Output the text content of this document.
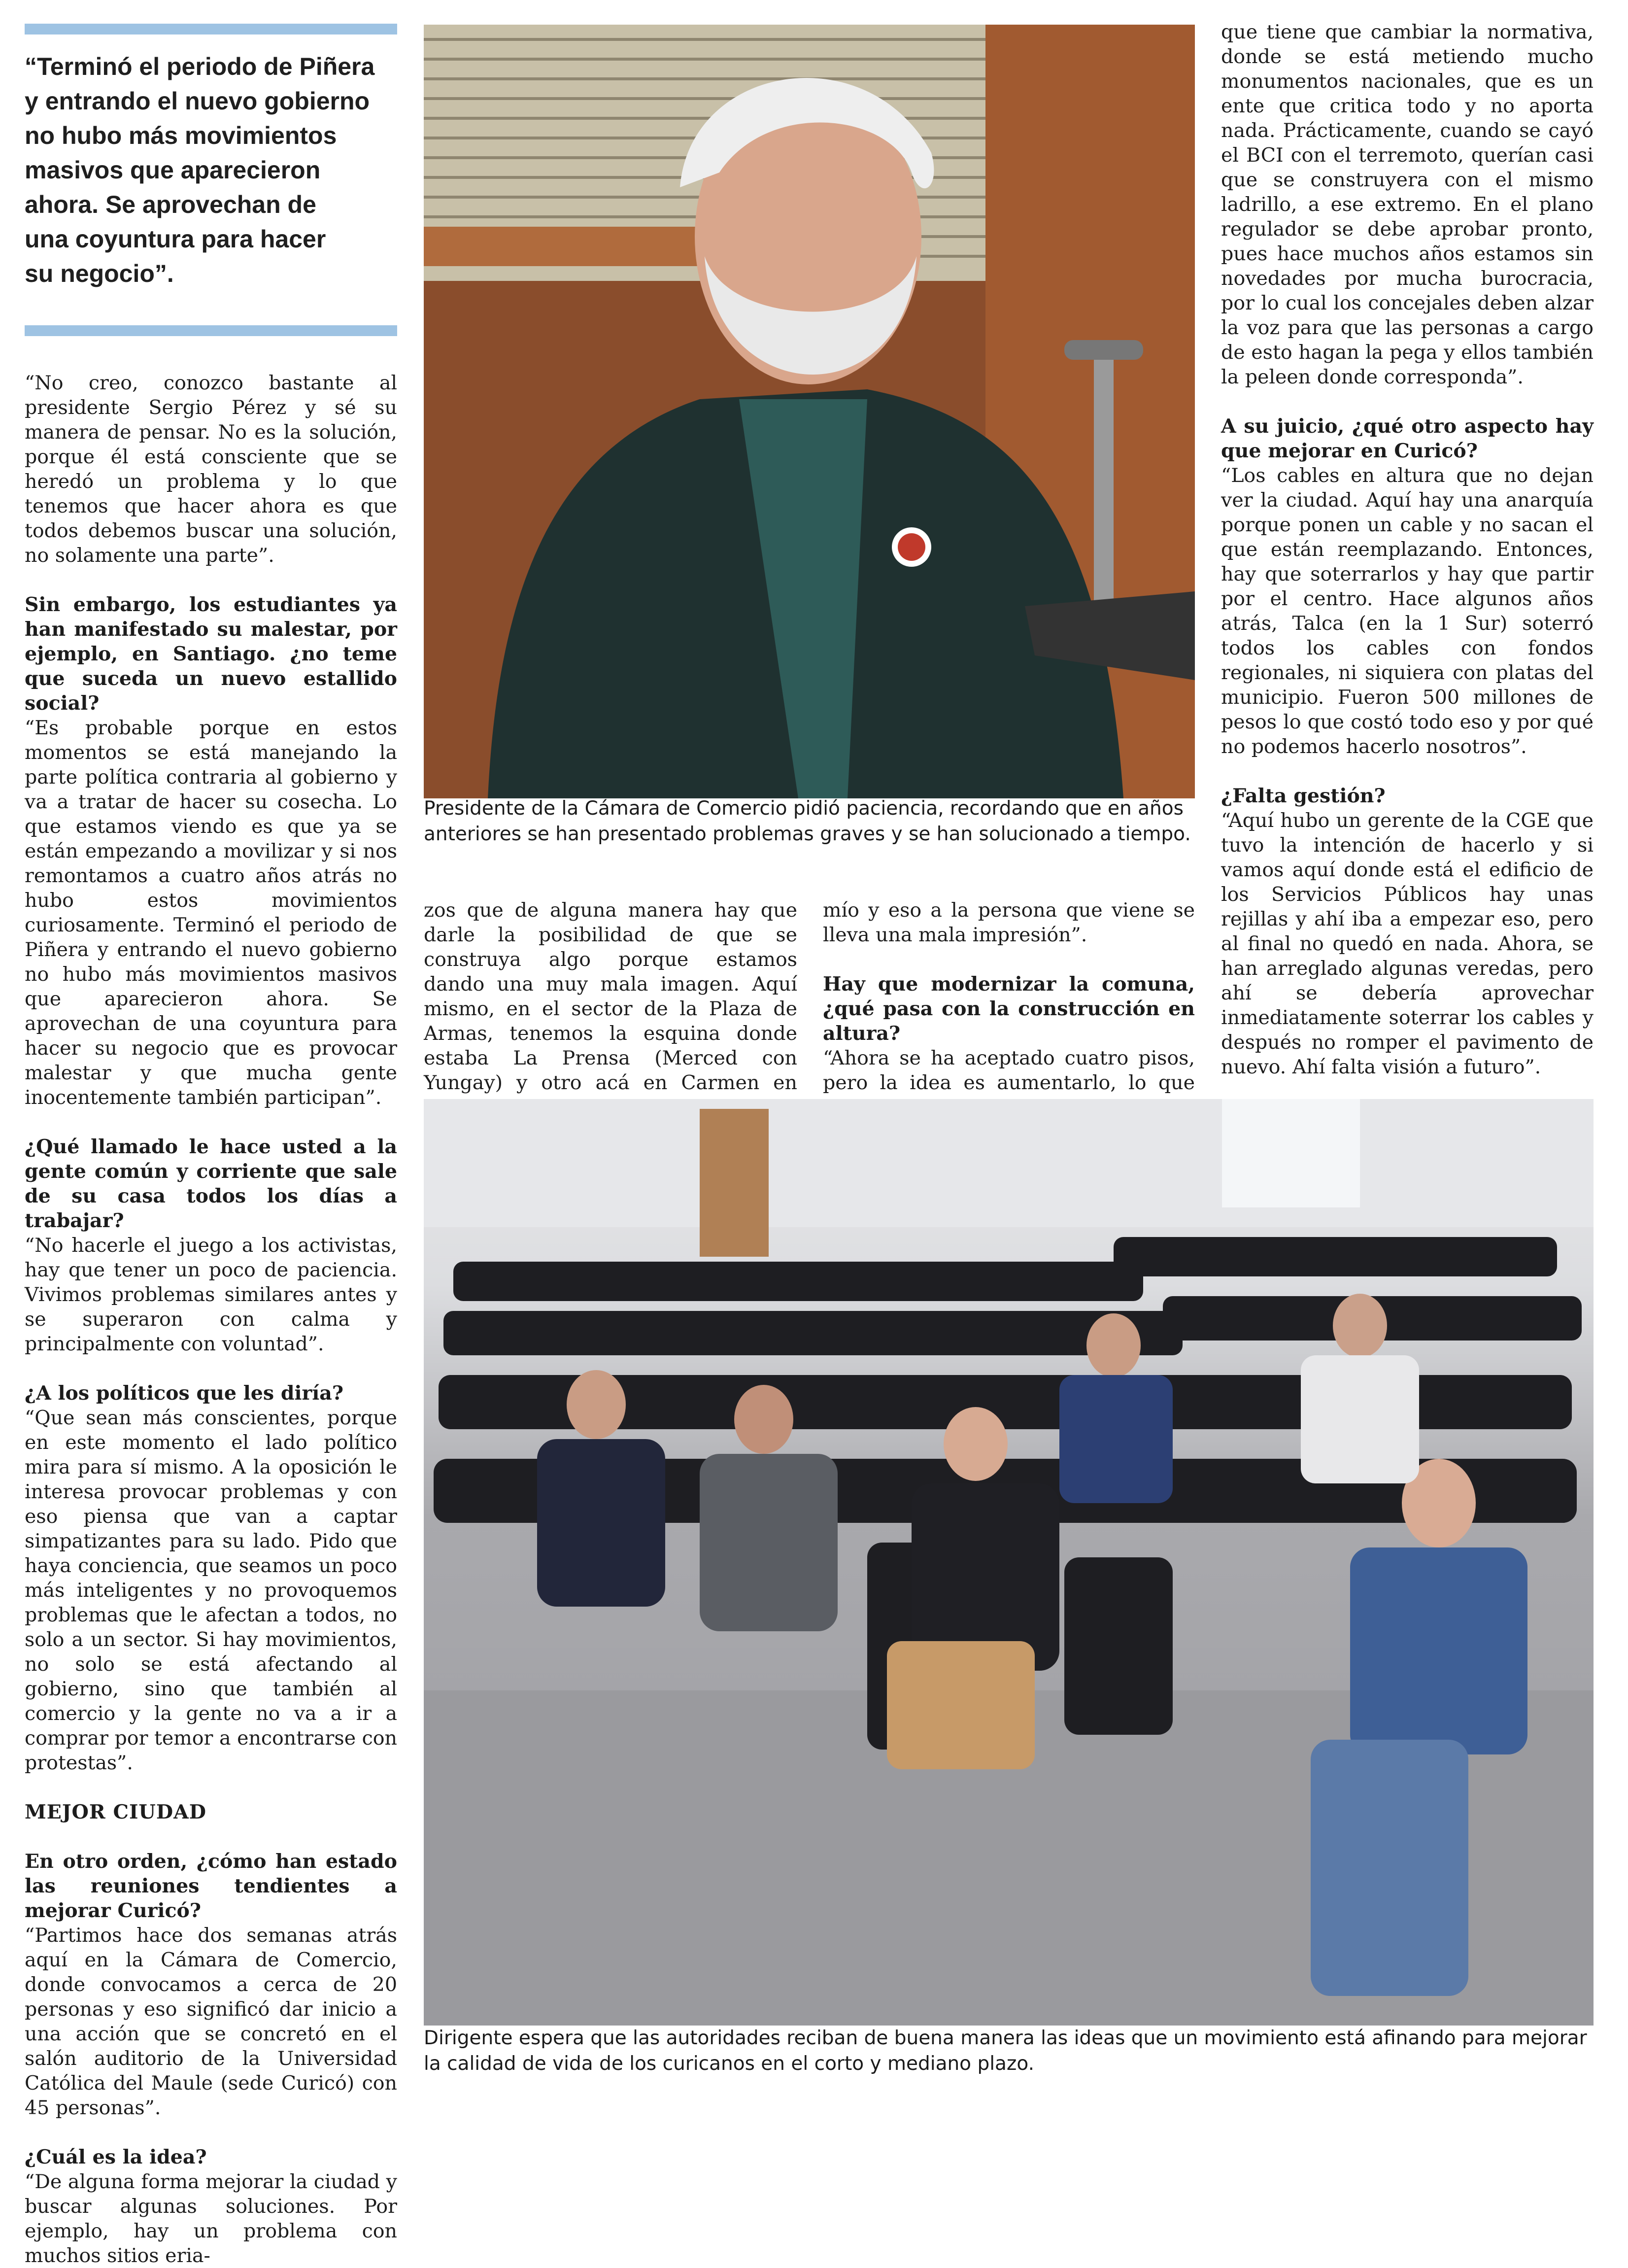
“Terminó el periodo de Piñera
y entrando el nuevo gobierno
no hubo más movimientos
masivos que aparecieron
ahora. Se aprovechan de
una coyuntura para hacer
su negocio”.

“No creo, conozco bastante al presidente Sergio Pérez y sé su manera de pensar. No es la solución, porque él está consciente que se heredó un problema y lo que tenemos que hacer ahora es que todos debemos buscar una solución, no solamente una parte”.

Sin embargo, los estudiantes ya han manifestado su malestar, por ejemplo, en Santiago. ¿no teme que suceda un nuevo estallido social?

“Es probable porque en estos momentos se está manejando la parte política contraria al gobierno y va a tratar de hacer su cosecha. Lo que estamos viendo es que ya se están empezando a movilizar y si nos remontamos a cuatro años atrás no hubo estos movimientos curiosamente. Terminó el periodo de Piñera y entrando el nuevo gobierno no hubo más movimientos masivos que aparecieron ahora. Se aprovechan de una coyuntura para hacer su negocio que es provocar malestar y que mucha gente inocentemente también participan”.

¿Qué llamado le hace usted a la gente común y corriente que sale de su casa todos los días a trabajar?

“No hacerle el juego a los activistas, hay que tener un poco de paciencia. Vivimos problemas similares antes y se superaron con calma y principalmente con voluntad”.

¿A los políticos que les diría?

“Que sean más conscientes, porque en este momento el lado político mira para sí mismo. A la oposición le interesa provocar problemas y con eso piensa que van a captar simpatizantes para su lado. Pido que haya conciencia, que seamos un poco más inteligentes y no provoquemos problemas que le afectan a todos, no solo a un sector. Si hay movimientos, no solo se está afectando al gobierno, sino que también al comercio y la gente no va a ir a comprar por temor a encontrarse con protestas”.

MEJOR CIUDAD
En otro orden, ¿cómo han estado las reuniones tendientes a mejorar Curicó?

“Partimos hace dos semanas atrás aquí en la Cámara de Comercio, donde convocamos a cerca de 20 personas y eso significó dar inicio a una acción que se concretó en el salón auditorio de la Universidad Católica del Maule (sede Curicó) con 45 personas”.

¿Cuál es la idea?

“De alguna forma mejorar la ciudad y buscar algunas soluciones. Por ejemplo, hay un problema con muchos sitios eria-

Presidente de la Cámara de Comercio pidió paciencia, recordando que en años anteriores se han presentado problemas graves y se han solucionado a tiempo.

zos que de alguna manera hay que darle la posibilidad de que se construya algo porque estamos dando una muy mala imagen. Aquí mismo, en el sector de la Plaza de Armas, tenemos la esquina donde estaba La Prensa (Merced con Yungay) y otro acá en Carmen en

mío y eso a la persona que viene se lleva una mala impresión”.

Hay que modernizar la comuna, ¿qué pasa con la construcción en altura?

“Ahora se ha aceptado cuatro pisos, pero la idea es aumentarlo, lo que

que tiene que cambiar la normativa, donde se está metiendo mucho monumentos nacionales, que es un ente que critica todo y no aporta nada. Prácticamente, cuando se cayó el BCI con el terremoto, querían casi que se construyera con el mismo ladrillo, a ese extremo. En el plano regulador se debe aprobar pronto, pues hace muchos años estamos sin novedades por mucha burocracia, por lo cual los concejales deben alzar la voz para que las personas a cargo de esto hagan la pega y ellos también la peleen donde corresponda”.

A su juicio, ¿qué otro aspecto hay que mejorar en Curicó?

“Los cables en altura que no dejan ver la ciudad. Aquí hay una anarquía porque ponen un cable y no sacan el que están reemplazando. Entonces, hay que soterrarlos y hay que partir por el centro. Hace algunos años atrás, Talca (en la 1 Sur) soterró todos los cables con fondos regionales, ni siquiera con platas del municipio. Fueron 500 millones de pesos lo que costó todo eso y por qué no podemos hacerlo nosotros”.

¿Falta gestión?

“Aquí hubo un gerente de la CGE que tuvo la intención de hacerlo y si vamos aquí donde está el edificio de los Servicios Públicos hay unas rejillas y ahí iba a empezar eso, pero al final no quedó en nada. Ahora, se han arreglado algunas veredas, pero ahí se debería aprovechar inmediatamente soterrar los cables y después no romper el pavimento de nuevo. Ahí falta visión a futuro”.

Dirigente espera que las autoridades reciban de buena manera las ideas que un movimiento está afinando para mejorar la calidad de vida de los curicanos en el corto y mediano plazo.
